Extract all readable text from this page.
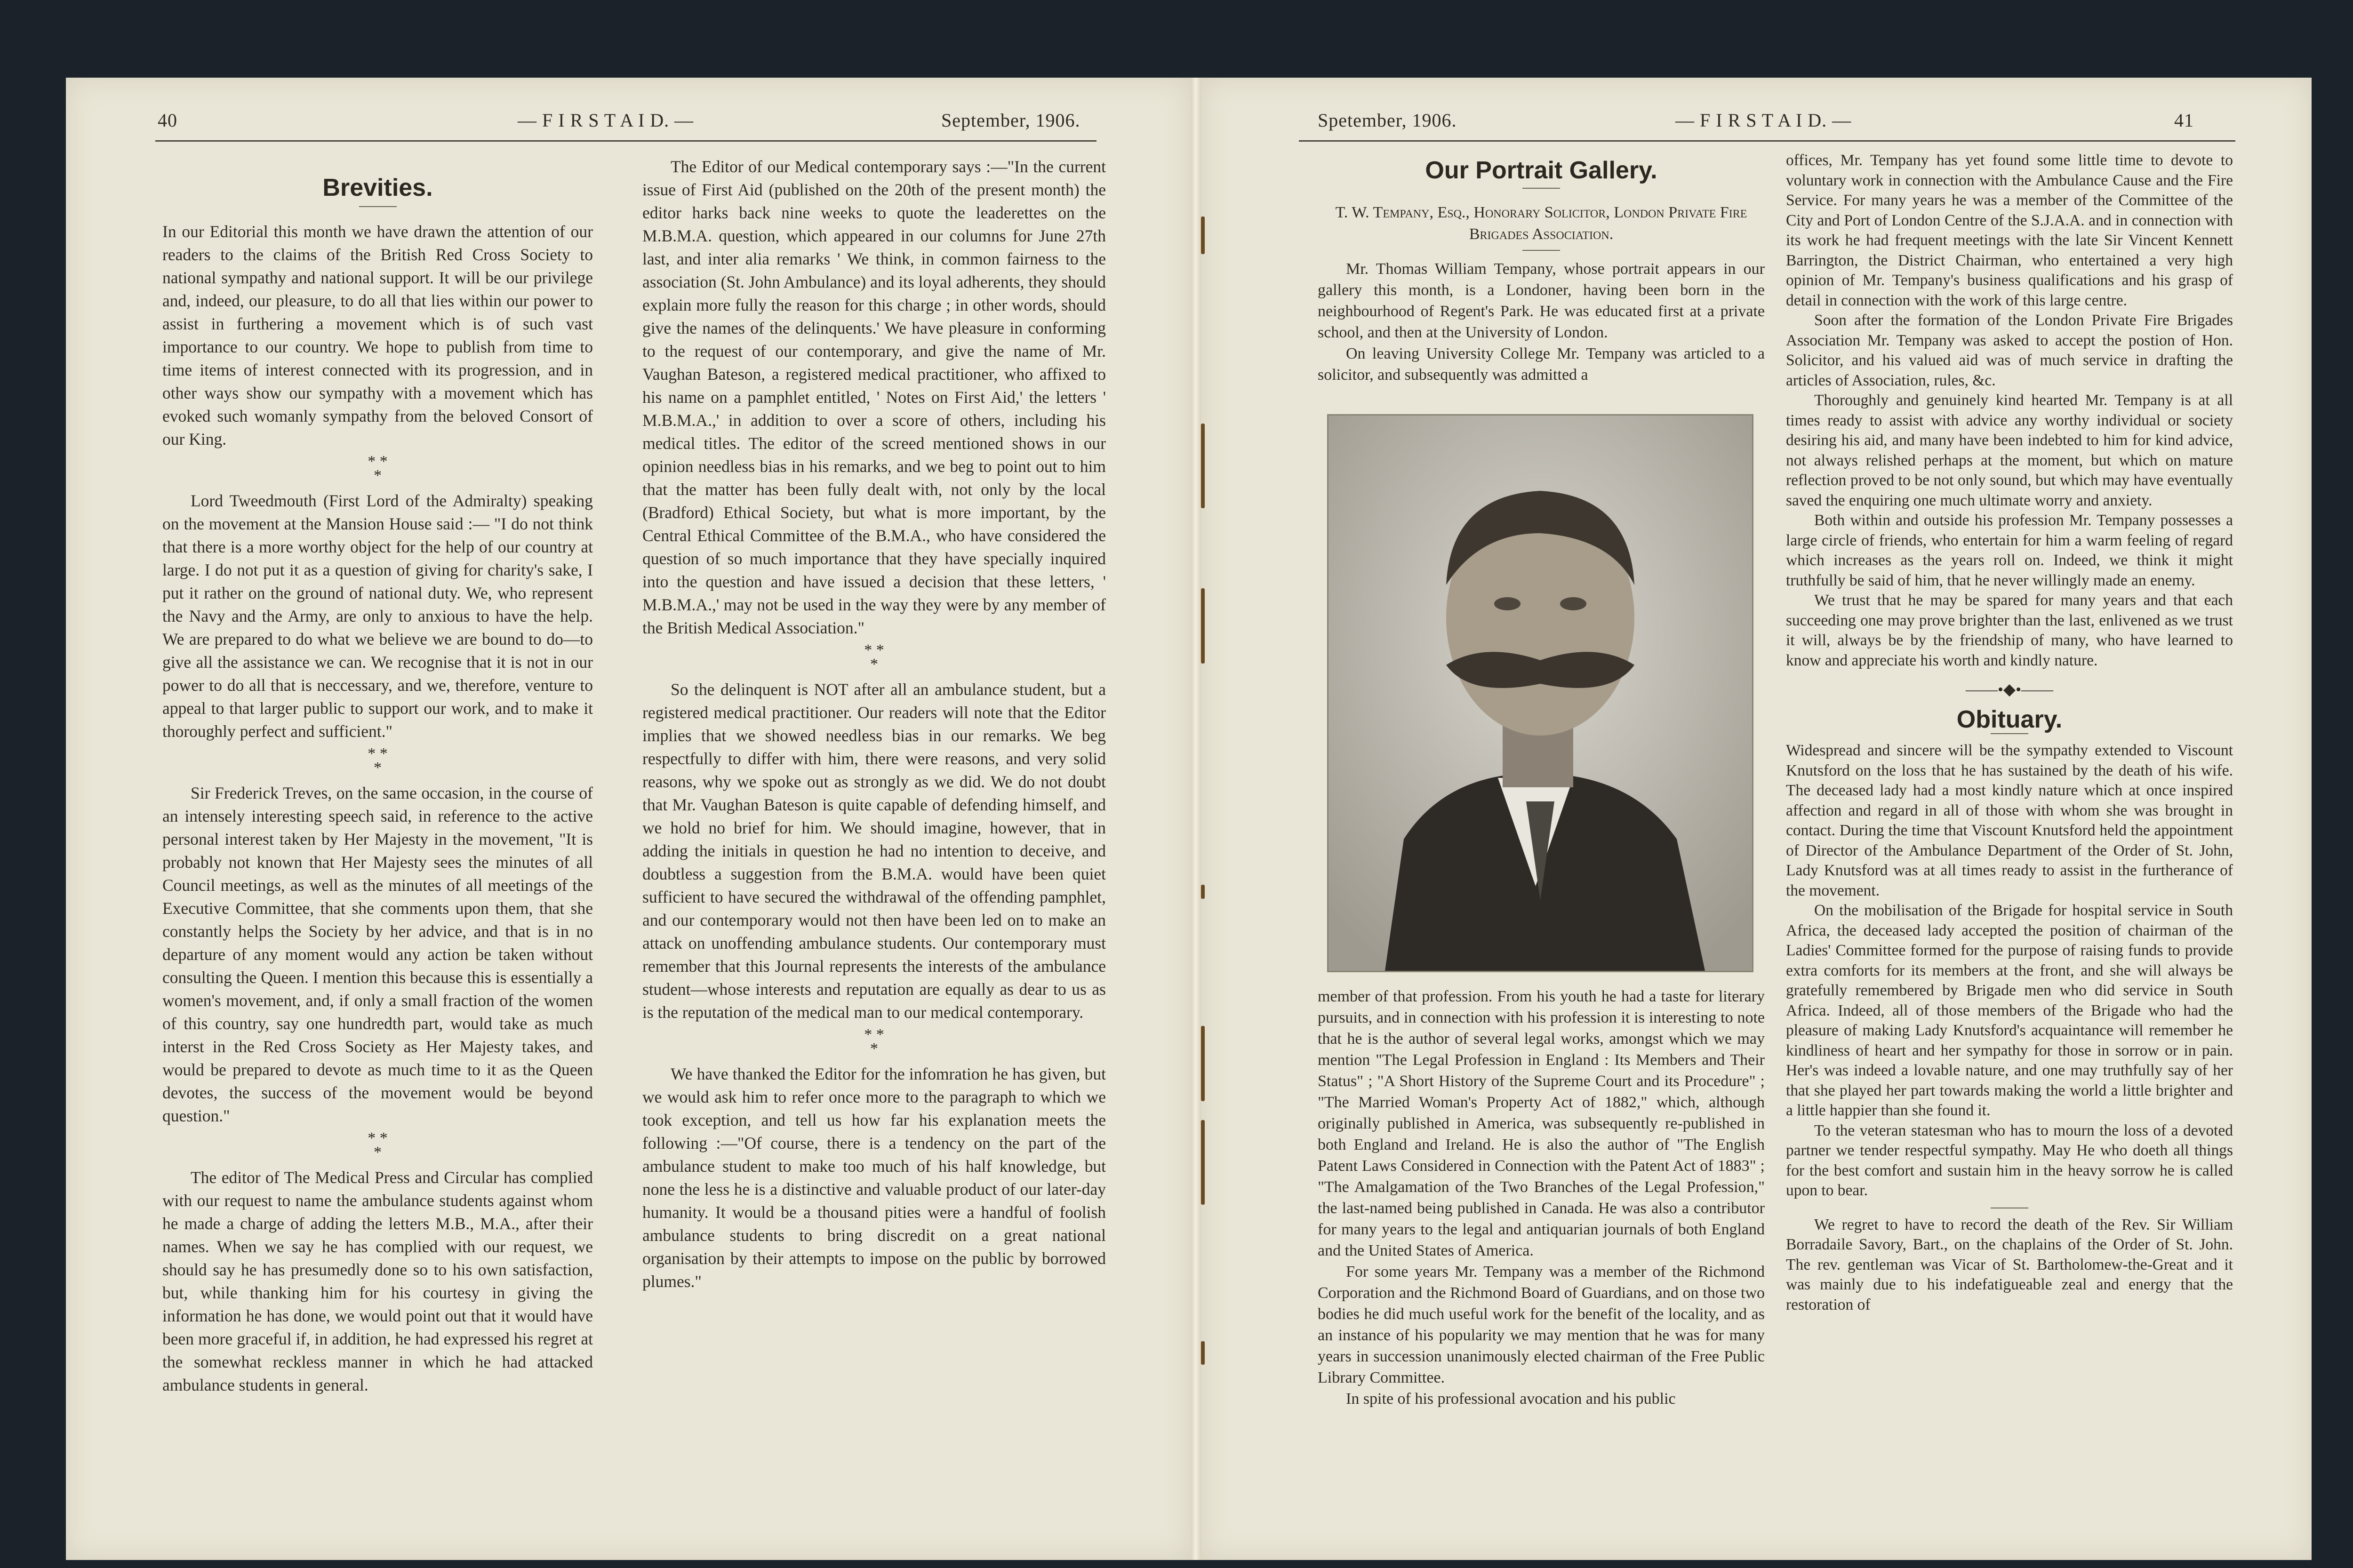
40	— F I R S T A I D. —	September, 1906.
Brevities.

In our Editorial this month we have drawn the attention of our readers to the claims of the British Red Cross Society to national sympathy and national support. It will be our privilege and, indeed, our pleasure, to do all that lies within our power to assist in furthering a movement which is of such vast importance to our country. We hope to publish from time to time items of interest connected with its progression, and in other ways show our sympathy with a movement which has evoked such womanly sympathy from the beloved Consort of our King.

* *
*

Lord Tweedmouth (First Lord of the Admiralty) speaking on the movement at the Mansion House said :— "I do not think that there is a more worthy object for the help of our country at large. I do not put it as a question of giving for charity's sake, I put it rather on the ground of national duty. We, who represent the Navy and the Army, are only to anxious to have the help. We are prepared to do what we believe we are bound to do—to give all the assistance we can. We recognise that it is not in our power to do all that is neccessary, and we, therefore, venture to appeal to that larger public to support our work, and to make it thoroughly perfect and sufficient."

* *
*

Sir Frederick Treves, on the same occasion, in the course of an intensely interesting speech said, in reference to the active personal interest taken by Her Majesty in the movement, "It is probably not known that Her Majesty sees the minutes of all Council meetings, as well as the minutes of all meetings of the Executive Committee, that she comments upon them, that she constantly helps the Society by her advice, and that is in no departure of any moment would any action be taken without consulting the Queen. I mention this because this is essentially a women's movement, and, if only a small fraction of the women of this country, say one hundredth part, would take as much interst in the Red Cross Society as Her Majesty takes, and would be prepared to devote as much time to it as the Queen devotes, the success of the movement would be beyond question."

* *
*

The editor of The Medical Press and Circular has complied with our request to name the ambulance students against whom he made a charge of adding the letters M.B., M.A., after their names. When we say he has complied with our request, we should say he has presumedly done so to his own satisfaction, but, while thanking him for his courtesy in giving the information he has done, we would point out that it would have been more graceful if, in addition, he had expressed his regret at the somewhat reckless manner in which he had attacked ambulance students in general.

The Editor of our Medical contemporary says :—"In the current issue of First Aid (published on the 20th of the present month) the editor harks back nine weeks to quote the leaderettes on the M.B.M.A. question, which appeared in our columns for June 27th last, and inter alia remarks ' We think, in common fairness to the association (St. John Ambulance) and its loyal adherents, they should explain more fully the reason for this charge ; in other words, should give the names of the delinquents.' We have pleasure in conforming to the request of our contemporary, and give the name of Mr. Vaughan Bateson, a registered medical practitioner, who affixed to his name on a pamphlet entitled, ' Notes on First Aid,' the letters ' M.B.M.A.,' in addition to over a score of others, including his medical titles. The editor of the screed mentioned shows in our opinion needless bias in his remarks, and we beg to point out to him that the matter has been fully dealt with, not only by the local (Bradford) Ethical Society, but what is more important, by the Central Ethical Committee of the B.M.A., who have considered the question of so much importance that they have specially inquired into the question and have issued a decision that these letters, ' M.B.M.A.,' may not be used in the way they were by any member of the British Medical Association."

* *
*

So the delinquent is NOT after all an ambulance student, but a registered medical practitioner. Our readers will note that the Editor implies that we showed needless bias in our remarks. We beg respectfully to differ with him, there were reasons, and very solid reasons, why we spoke out as strongly as we did. We do not doubt that Mr. Vaughan Bateson is quite capable of defending himself, and we hold no brief for him. We should imagine, however, that in adding the initials in question he had no intention to deceive, and doubtless a suggestion from the B.M.A. would have been quiet sufficient to have secured the withdrawal of the offending pamphlet, and our contemporary would not then have been led on to make an attack on unoffending ambulance students. Our contemporary must remember that this Journal represents the interests of the ambulance student—whose interests and reputation are equally as dear to us as is the reputation of the medical man to our medical contemporary.

* *
*

We have thanked the Editor for the infomration he has given, but we would ask him to refer once more to the paragraph to which we took exception, and tell us how far his explanation meets the following :—"Of course, there is a tendency on the part of the ambulance student to make too much of his half knowledge, but none the less he is a distinctive and valuable product of our later-day humanity. It would be a thousand pities were a handful of foolish ambulance students to bring discredit on a great national organisation by their attempts to impose on the public by borrowed plumes."

Spetember, 1906.	— F I R S T A I D. —	41
Our Portrait Gallery.
T. W. Tempany, Esq., Honorary Solicitor, London Private Fire Brigades Association.

Mr. Thomas William Tempany, whose portrait appears in our gallery this month, is a Londoner, having been born in the neighbourhood of Regent's Park. He was educated first at a private school, and then at the University of London.

On leaving University College Mr. Tempany was articled to a solicitor, and subsequently was admitted a

member of that profession. From his youth he had a taste for literary pursuits, and in connection with his profession it is interesting to note that he is the author of several legal works, amongst which we may mention "The Legal Profession in England : Its Members and Their Status" ; "A Short History of the Supreme Court and its Procedure" ; "The Married Woman's Property Act of 1882," which, although originally published in America, was subsequently re-published in both England and Ireland. He is also the author of "The English Patent Laws Considered in Connection with the Patent Act of 1883" ; "The Amalgamation of the Two Branches of the Legal Profession," the last-named being published in Canada. He was also a contributor for many years to the legal and antiquarian journals of both England and the United States of America.

For some years Mr. Tempany was a member of the Richmond Corporation and the Richmond Board of Guardians, and on those two bodies he did much useful work for the benefit of the locality, and as an instance of his popularity we may mention that he was for many years in succession unanimously elected chairman of the Free Public Library Committee.

In spite of his professional avocation and his public

offices, Mr. Tempany has yet found some little time to devote to voluntary work in connection with the Ambulance Cause and the Fire Service. For many years he was a member of the Committee of the City and Port of London Centre of the S.J.A.A. and in connection with its work he had frequent meetings with the late Sir Vincent Kennett Barrington, the District Chairman, who entertained a very high opinion of Mr. Tempany's business qualifications and his grasp of detail in connection with the work of this large centre.

Soon after the formation of the London Private Fire Brigades Association Mr. Tempany was asked to accept the postion of Hon. Solicitor, and his valued aid was of much service in drafting the articles of Association, rules, &c.

Thoroughly and genuinely kind hearted Mr. Tempany is at all times ready to assist with advice any worthy individual or society desiring his aid, and many have been indebted to him for kind advice, not always relished perhaps at the moment, but which on mature reflection proved to be not only sound, but which may have eventually saved the enquiring one much ultimate worry and anxiety.

Both within and outside his profession Mr. Tempany possesses a large circle of friends, who entertain for him a warm feeling of regard which increases as the years roll on. Indeed, we think it might truthfully be said of him, that he never willingly made an enemy.

We trust that he may be spared for many years and that each succeeding one may prove brighter than the last, enlivened as we trust it will, always be by the friendship of many, who have learned to know and appreciate his worth and kindly nature.

——•◆•——
Obituary.

Widespread and sincere will be the sympathy extended to Viscount Knutsford on the loss that he has sustained by the death of his wife. The deceased lady had a most kindly nature which at once inspired affection and regard in all of those with whom she was brought in contact. During the time that Viscount Knutsford held the appointment of Director of the Ambulance Department of the Order of St. John, Lady Knutsford was at all times ready to assist in the furtherance of the movement.

On the mobilisation of the Brigade for hospital service in South Africa, the deceased lady accepted the position of chairman of the Ladies' Committee formed for the purpose of raising funds to provide extra comforts for its members at the front, and she will always be gratefully remembered by Brigade men who did service in South Africa. Indeed, all of those members of the Brigade who had the pleasure of making Lady Knutsford's acquaintance will remember he kindliness of heart and her sympathy for those in sorrow or in pain. Her's was indeed a lovable nature, and one may truthfully say of her that she played her part towards making the world a little brighter and a little happier than she found it.

To the veteran statesman who has to mourn the loss of a devoted partner we tender respectful sympathy. May He who doeth all things for the best comfort and sustain him in the heavy sorrow he is called upon to bear.

We regret to have to record the death of the Rev. Sir William Borradaile Savory, Bart., on the chaplains of the Order of St. John. The rev. gentleman was Vicar of St. Bartholomew-the-Great and it was mainly due to his indefatigueable zeal and energy that the restoration of
